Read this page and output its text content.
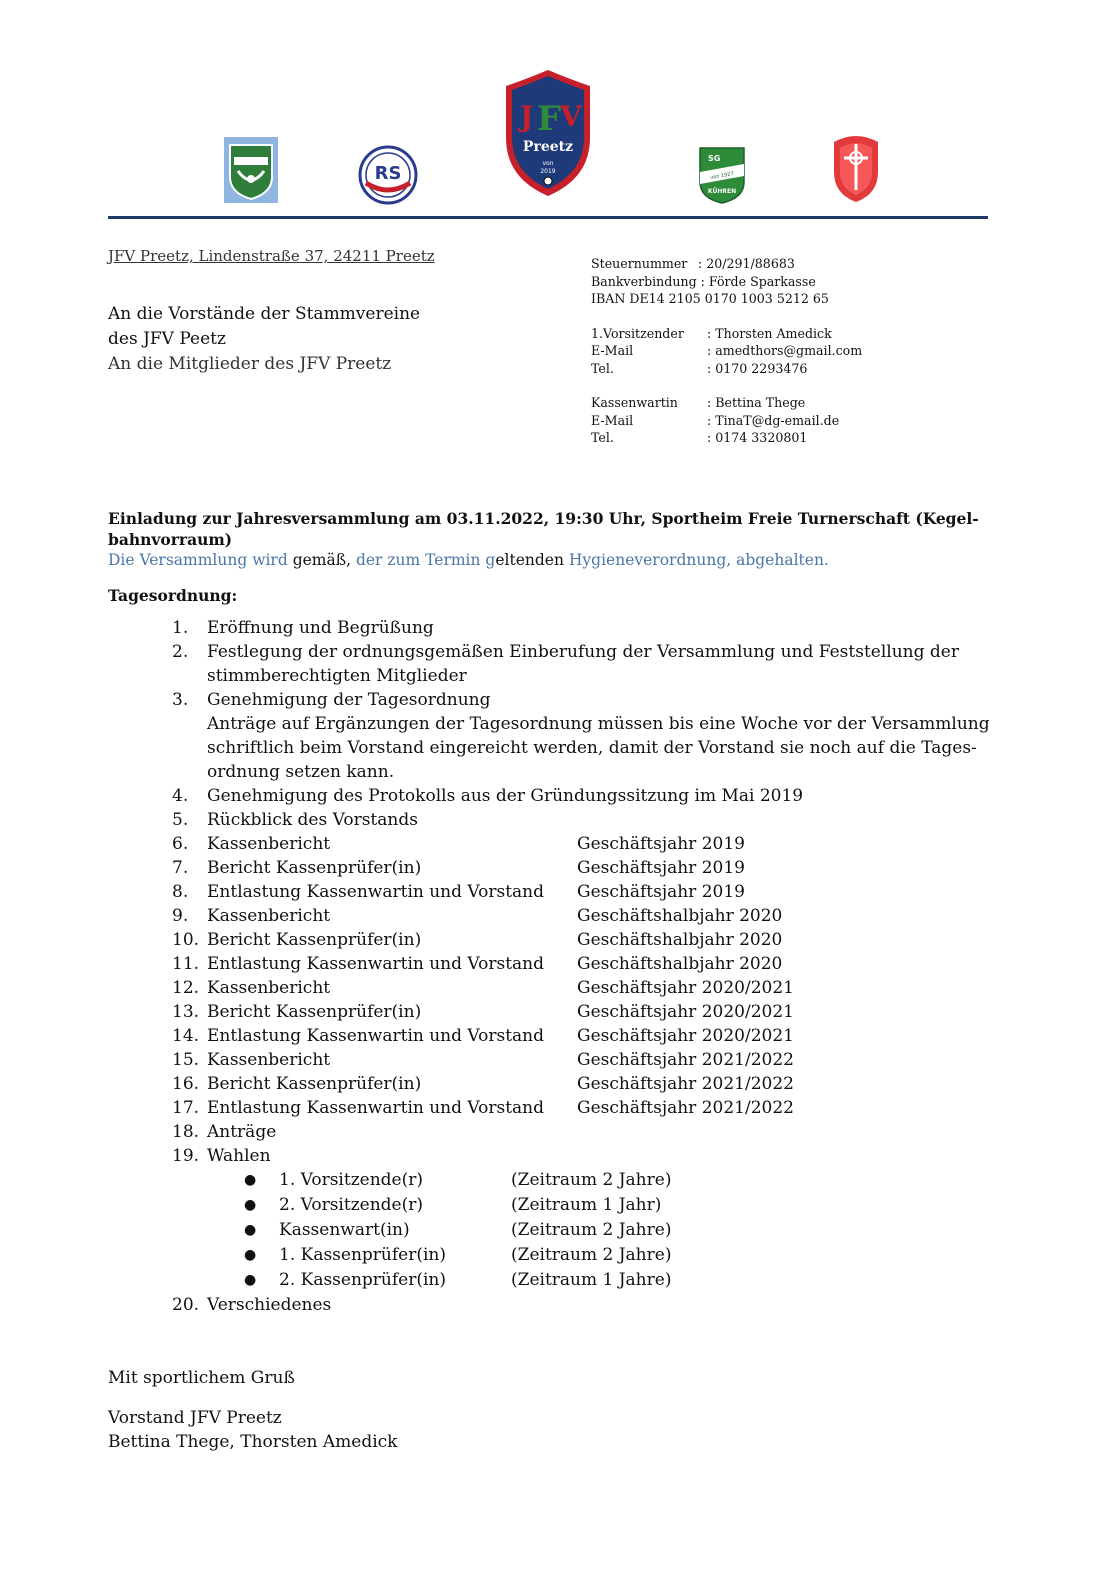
RS
J F
V
Preetz
von
2019
SG
von 1927
KÜHREN
JFV Preetz, Lindenstraße 37, 24211 Preetz
An die Vorstände der Stammvereine
des JFV Peetz
An die Mitglieder des JFV Preetz
Steuernummer : 20/291/88683
Bankverbindung
: Förde Sparkasse
IBAN DE14 2105 0170 1003 5212 65
1.Vorsitzender	: Thorsten Amedick
E-Mail	: amedthors@gmail.com
Tel.	: 0170 2293476
Kassenwartin	: Bettina Thege
E-Mail	: TinaT@dg-email.de
Tel.	: 0174 3320801
Einladung zur Jahresversammlung am 03.11.2022, 19:30 Uhr, Sportheim Freie Turnerschaft (Kegel-bahnvorraum)
Die Versammlung wird gemäß, der zum Termin geltenden Hygieneverordnung, abgehalten.
Tagesordnung:
1.	Eröffnung und Begrüßung
2.	Festlegung der ordnungsgemäßen Einberufung der Versammlung und Feststellung der stimmberechtigten Mitglieder
3.	Genehmigung der Tagesordnung
Anträge auf Ergänzungen der Tagesordnung müssen bis eine Woche vor der Versammlung schriftlich beim Vorstand eingereicht werden, damit der Vorstand sie noch auf die Tages-ordnung setzen kann.
4.	Genehmigung des Protokolls aus der Gründungssitzung im Mai 2019
5.	Rückblick des Vorstands
6.	Kassenbericht	Geschäftsjahr 2019
7.	Bericht Kassenprüfer(in)	Geschäftsjahr 2019
8.	Entlastung Kassenwartin und Vorstand Geschäftsjahr 2019
9.	Kassenbericht	Geschäftshalbjahr 2020
10. Bericht Kassenprüfer(in)	Geschäftshalbjahr 2020
11. Entlastung Kassenwartin und Vorstand Geschäftshalbjahr 2020
12. Kassenbericht	Geschäftsjahr 2020/2021
13. Bericht Kassenprüfer(in)	Geschäftsjahr 2020/2021
14. Entlastung Kassenwartin und Vorstand Geschäftsjahr 2020/2021
15. Kassenbericht	Geschäftsjahr 2021/2022
16. Bericht Kassenprüfer(in)	Geschäftsjahr 2021/2022
17. Entlastung Kassenwartin und Vorstand Geschäftsjahr 2021/2022
18. Anträge
19. Wahlen
●	1. Vorsitzende(r)	(Zeitraum 2 Jahre)
●	2. Vorsitzende(r)	(Zeitraum 1 Jahr)
●	Kassenwart(in)	(Zeitraum 2 Jahre)
●	1. Kassenprüfer(in)	(Zeitraum 2 Jahre)
●	2. Kassenprüfer(in)	(Zeitraum 1 Jahre)
20. Verschiedenes
Mit sportlichem Gruß
Vorstand JFV Preetz
Bettina Thege, Thorsten Amedick
